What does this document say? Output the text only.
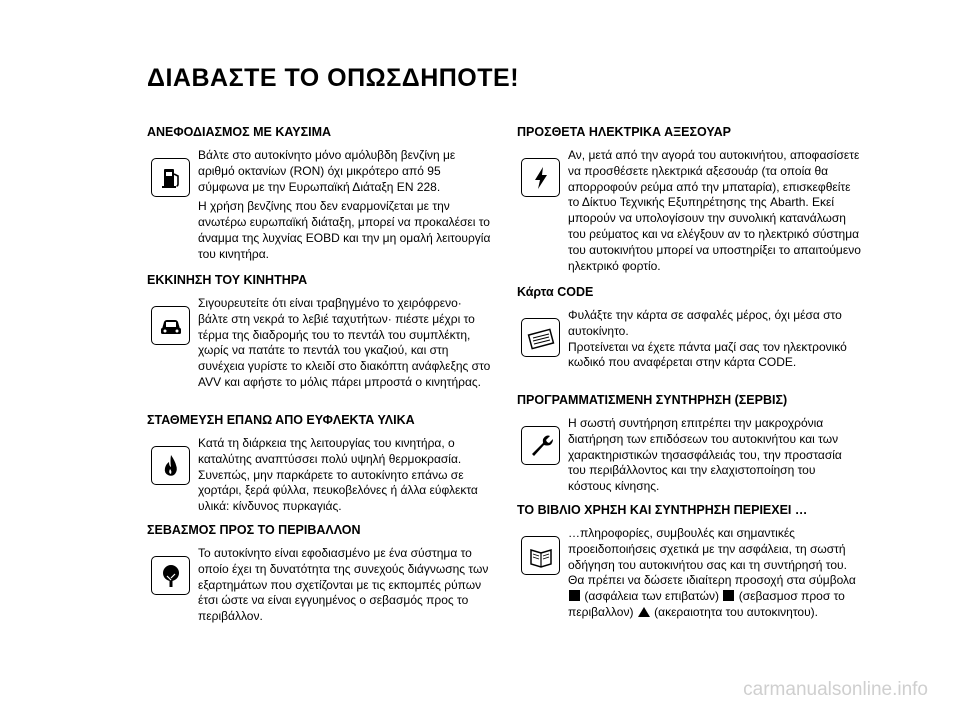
ΔΙΑΒΑΣΤΕ ΤΟ ΟΠΩΣΔΗΠΟΤΕ!
ΑΝΕΦΟΔΙΑΣΜΟΣ ΜΕ ΚΑΥΣΙΜΑ

Βάλτε στο αυτοκίνητο μόνο αμόλυβδη βενζίνη με αριθμό οκτανίων (RON) όχι μικρότερο από 95 σύμφωνα με την Ευρωπαϊκή Διάταξη ΕΝ 228.

Η χρήση βενζίνης που δεν εναρμονίζεται με την ανωτέρω ευρωπαϊκή διάταξη, μπορεί να προκαλέσει το άναμμα της λυχνίας EOBD και την μη ομαλή λειτουργία του κινητήρα.

ΕΚΚΙΝΗΣΗ ΤΟΥ ΚΙΝΗΤΗΡΑ

Σιγουρευτείτε ότι είναι τραβηγμένο το χειρόφρενο· βάλτε στη νεκρά το λεβιέ ταχυτήτων· πιέστε μέχρι το τέρμα της διαδρομής του το πεντάλ του συμπλέκτη, χωρίς να πατάτε το πεντάλ του γκαζιού, και στη συνέχεια γυρίστε το κλειδί στο διακόπτη ανάφλεξης στο AVV και αφήστε το μόλις πάρει μπροστά ο κινητήρας.

ΣΤΑΘΜΕΥΣΗ ΕΠΑΝΩ ΑΠΟ ΕΥΦΛΕΚΤΑ ΥΛΙΚΑ

Κατά τη διάρκεια της λειτουργίας του κινητήρα, ο καταλύτης αναπτύσσει πολύ υψηλή θερμοκρασία. Συνεπώς, μην παρκάρετε το αυτοκίνητο επάνω σε χορτάρι, ξερά φύλλα, πευκοβελόνες ή άλλα εύφλεκτα υλικά: κίνδυνος πυρκαγιάς.

ΣΕΒΑΣΜΟΣ ΠΡΟΣ ΤΟ ΠΕΡΙΒΑΛΛΟΝ

Το αυτοκίνητο είναι εφοδιασμένο με ένα σύστημα το οποίο έχει τη δυνατότητα της συνεχούς διάγνωσης των εξαρτημάτων που σχετίζονται με τις εκπομπές ρύπων έτσι ώστε να είναι εγγυημένος ο σεβασμός προς το περιβάλλον.

ΠΡΟΣΘΕΤΑ ΗΛΕΚΤΡΙΚΑ ΑΞΕΣΟΥΑΡ

Αν, μετά από την αγορά του αυτοκινήτου, αποφασίσετε να προσθέσετε ηλεκτρικά αξεσουάρ (τα οποία θα απορροφούν ρεύμα από την μπαταρία), επισκεφθείτε το Δίκτυο Τεχνικής Εξυπηρέτησης της Abarth. Εκεί μπορούν να υπολογίσουν την συνολική κατανάλωση του ρεύματος και να ελέγξουν αν το ηλεκτρικό σύστημα του αυτοκινήτου μπορεί να υποστηρίξει το απαιτούμενο ηλεκτρικό φορτίο.

Κάρτα CODE

Φυλάξτε την κάρτα σε ασφαλές μέρος, όχι μέσα στο αυτοκίνητο.

Προτείνεται να έχετε πάντα μαζί σας τον ηλεκτρονικό κωδικό που αναφέρεται στην κάρτα CODE.

ΠΡΟΓΡΑΜΜΑΤΙΣΜΕΝΗ ΣΥΝΤΗΡΗΣΗ (ΣΕΡΒΙΣ)

Η σωστή συντήρηση επιτρέπει την μακροχρόνια διατήρηση των επιδόσεων του αυτοκινήτου και των χαρακτηριστικών τησασφάλειάς του, την προστασία του περιβάλλοντος και την ελαχιστοποίηση του κόστους κίνησης.

ΤΟ ΒΙΒΛΙΟ ΧΡΗΣΗ ΚΑΙ ΣΥΝΤΗΡΗΣΗ ΠΕΡΙΕΧΕΙ …

…πληροφορίες, συμβουλές και σημαντικές προειδοποιήσεις σχετικά με την ασφάλεια, τη σωστή οδήγηση του αυτοκινήτου σας και τη συντήρησή του. Θα πρέπει να δώσετε ιδιαίτερη προσοχή στα σύμβολα  (ασφάλεια των επιβατών) (σεβασμοσ προσ το περιβαλλον) (ακεραιοτητα του αυτοκινητου).

carmanualsonline.info
